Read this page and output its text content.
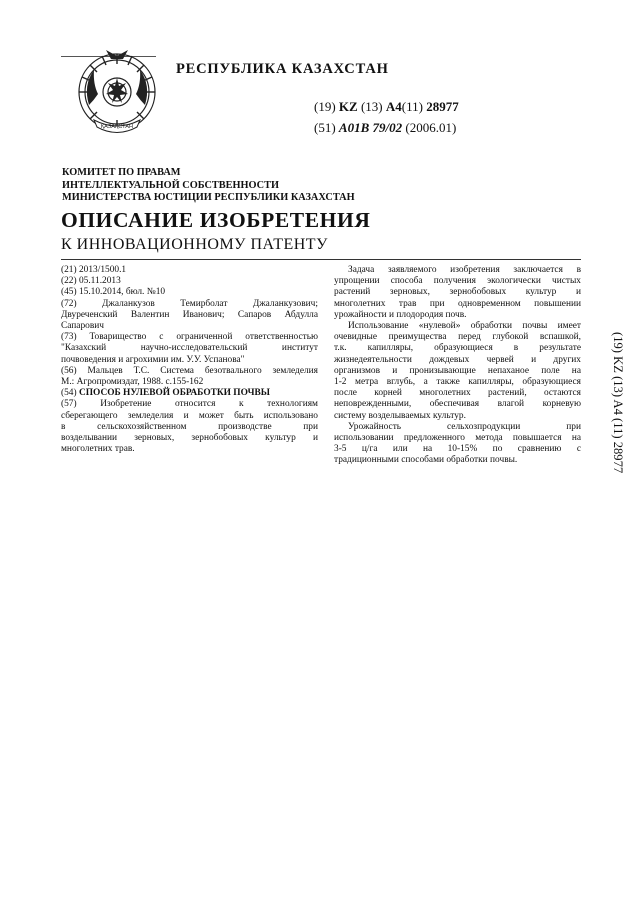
ҚАЗАҚСТАН
РЕСПУБЛИКА КАЗАХСТАН
(19) KZ (13) A4(11) 28977
(51) A01B 79/02 (2006.01)
КОМИТЕТ ПО ПРАВАМ
ИНТЕЛЛЕКТУАЛЬНОЙ СОБСТВЕННОСТИ
МИНИСТЕРСТВА ЮСТИЦИИ РЕСПУБЛИКИ КАЗАХСТАН
ОПИСАНИЕ ИЗОБРЕТЕНИЯ
К ИННОВАЦИОННОМУ ПАТЕНТУ
(21) 2013/1500.1
(22) 05.11.2013
(45) 15.10.2014, бюл. №10
(72) Джаланкузов Темирболат Джаланкузович;
Двуреченский Валентин Иванович; Сапаров Абдулла
Сапарович
(73) Товарищество с ограниченной ответственностью
"Казахский научно-исследовательский институт
почвоведения и агрохимии им. У.У. Успанова"
(56) Мальцев Т.С. Система безотвального земледелия
М.: Агропромиздат, 1988. с.155-162
(54) СПОСОБ НУЛЕВОЙ ОБРАБОТКИ ПОЧВЫ
(57) Изобретение относится к технологиям
сберегающего земледелия и может быть использовано
в сельскохозяйственном производстве при
возделывании зерновых, зернобобовых культур и
многолетних трав.
Задача заявляемого изобретения заключается в
упрощении способа получения экологически чистых
растений зерновых, зернобобовых культур и
многолетних трав при одновременном повышении
урожайности и плодородия почв.
Использование «нулевой» обработки почвы имеет
очевидные преимущества перед глубокой вспашкой,
т.к. капилляры, образующиеся в результате
жизнедеятельности дождевых червей и других
организмов и пронизывающие непаханое поле на
1-2 метра вглубь, а также капилляры, образующиеся
после корней многолетних растений, остаются
неповрежденными, обеспечивая влагой корневую
систему возделываемых культур.
Урожайность сельхозпродукции при
использовании предложенного метода повышается на
3-5 ц/га или на 10-15% по сравнению с
традиционными способами обработки почвы.	(19) KZ (13) A4 (11) 28977
